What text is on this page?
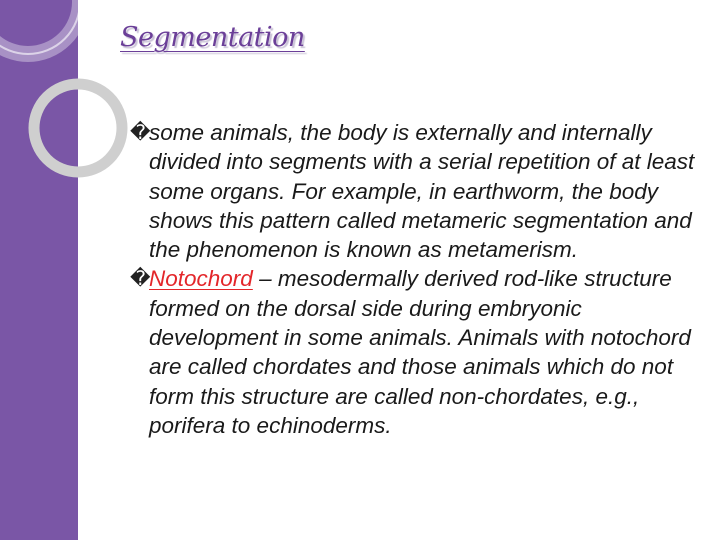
Segmentation
�
some animals, the body is externally and internally divided into segments with a serial repetition of at least some organs. For example, in earthworm, the body shows this pattern called metameric segmentation and the phenomenon is known as metamerism.
�
Notochord – mesodermally derived rod-like structure formed on the dorsal side during embryonic development in some animals. Animals with notochord are called chordates and those animals which do not form this structure are called non-chordates, e.g., porifera to echinoderms.
